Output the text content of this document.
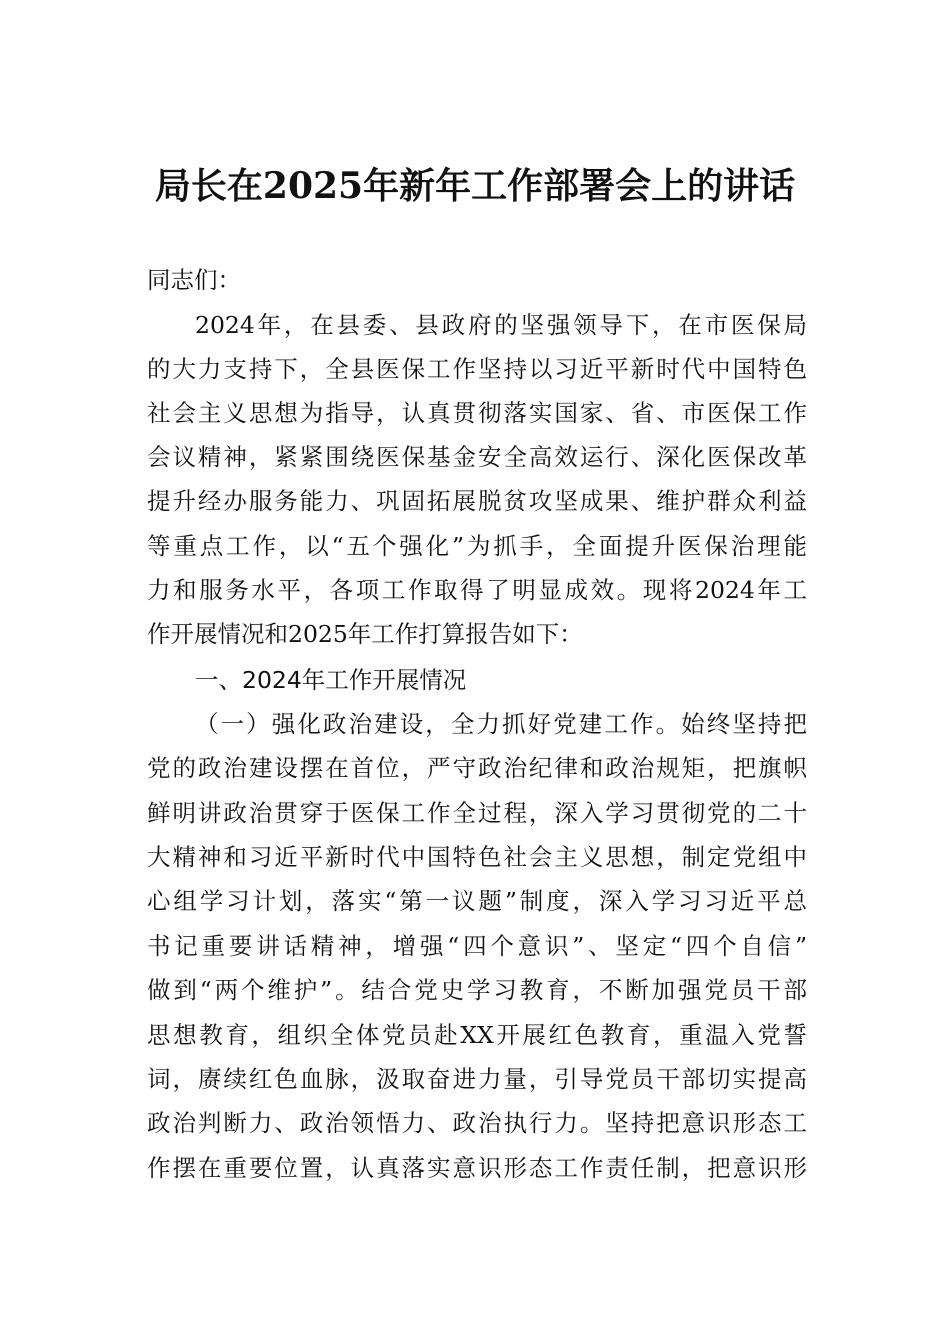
局长在2025年新年工作部署会上的讲话
同志们：
2024年，在县委、县政府的坚强领导下，在市医保局
的大力支持下，全县医保工作坚持以习近平新时代中国特色
社会主义思想为指导，认真贯彻落实国家、省、市医保工作
会议精神，紧紧围绕医保基金安全高效运行、深化医保改革
提升经办服务能力、巩固拓展脱贫攻坚成果、维护群众利益
等重点工作，以“五个强化”为抓手，全面提升医保治理能
力和服务水平，各项工作取得了明显成效。现将2024年工
作开展情况和2025年工作打算报告如下：
一、2024年工作开展情况
（一）强化政治建设，全力抓好党建工作。始终坚持把
党的政治建设摆在首位，严守政治纪律和政治规矩，把旗帜
鲜明讲政治贯穿于医保工作全过程，深入学习贯彻党的二十
大精神和习近平新时代中国特色社会主义思想，制定党组中
心组学习计划，落实“第一议题”制度，深入学习习近平总
书记重要讲话精神，增强“四个意识”、坚定“四个自信”
做到“两个维护”。结合党史学习教育，不断加强党员干部
思想教育，组织全体党员赴XX开展红色教育，重温入党誓
词，赓续红色血脉，汲取奋进力量，引导党员干部切实提高
政治判断力、政治领悟力、政治执行力。坚持把意识形态工
作摆在重要位置，认真落实意识形态工作责任制，把意识形
